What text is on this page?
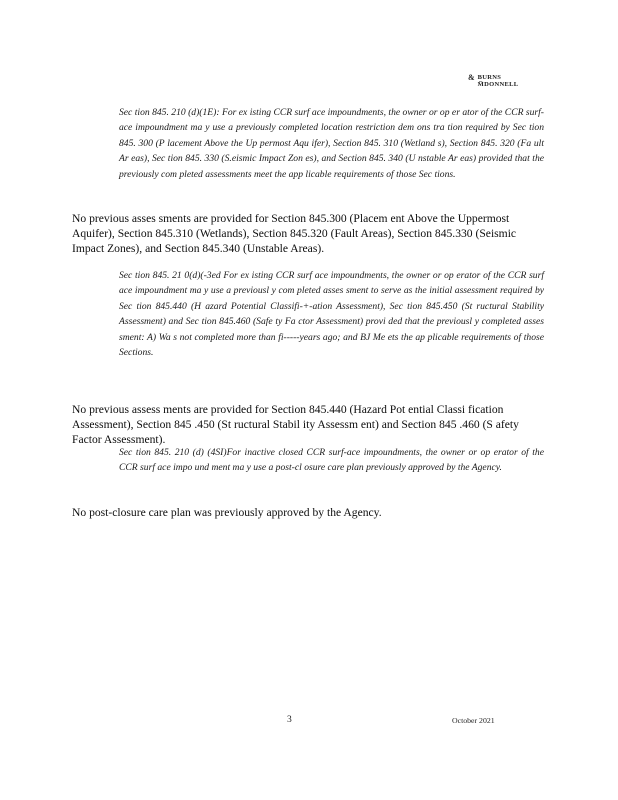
& BURNS
M̅DONNELL
Sec tion 845. 210 (d)(1E): For ex isting CCR surf ace impoundments, the owner or op er ator of the CCR surf-ace impoundment ma y use a previously completed location restriction dem ons tra tion required by Sec tion 845. 300 (P lacement Above the Up permost Aqu ifer), Section 845. 310 (Wetland s), Section 845. 320 (Fa ult Ar eas), Sec tion 845. 330 (S.eismic Impact Zon es), and Section 845. 340 (U nstable Ar eas) provided that the previously com pleted assessments meet the app licable requirements of those Sec tions.
No previous asses sments are provided for Section 845.300 (Placem ent Above the Uppermost Aquifer), Section 845.310 (Wetlands), Section 845.320 (Fault Areas), Section 845.330 (Seismic Impact Zones), and Section 845.340 (Unstable Areas).
Sec tion 845. 21 0(d)(-3ed For ex isting CCR surf ace impoundments, the owner or op erator of the CCR surf ace impoundment ma y use a previousl y com pleted asses sment to serve as the initial assessment required by Sec tion 845.440 (H azard Potential Classifi-+-ation Assessment), Sec tion 845.450 (St ructural Stability Assessment) and Sec tion 845.460 (Safe ty Fa ctor Assessment) provi ded that the previousl y completed asses sment: A) Wa s not completed more than fi-----years ago; and BJ Me ets the ap plicable requirements of those Sections.
No previous assess ments are provided for Section 845.440 (Hazard Pot ential Classi fication Assessment), Section 845 .450 (St ructural Stabil ity Assessm ent) and Section 845 .460 (S afety Factor Assessment).
Sec tion 845. 210 (d) (4SI)For inactive closed CCR surf-ace impoundments, the owner or op erator of the CCR surf ace impo und ment ma y use a post-cl osure care plan previously approved by the Agency.
No post-closure care plan was previously approved by the Agency.
3	October 2021
